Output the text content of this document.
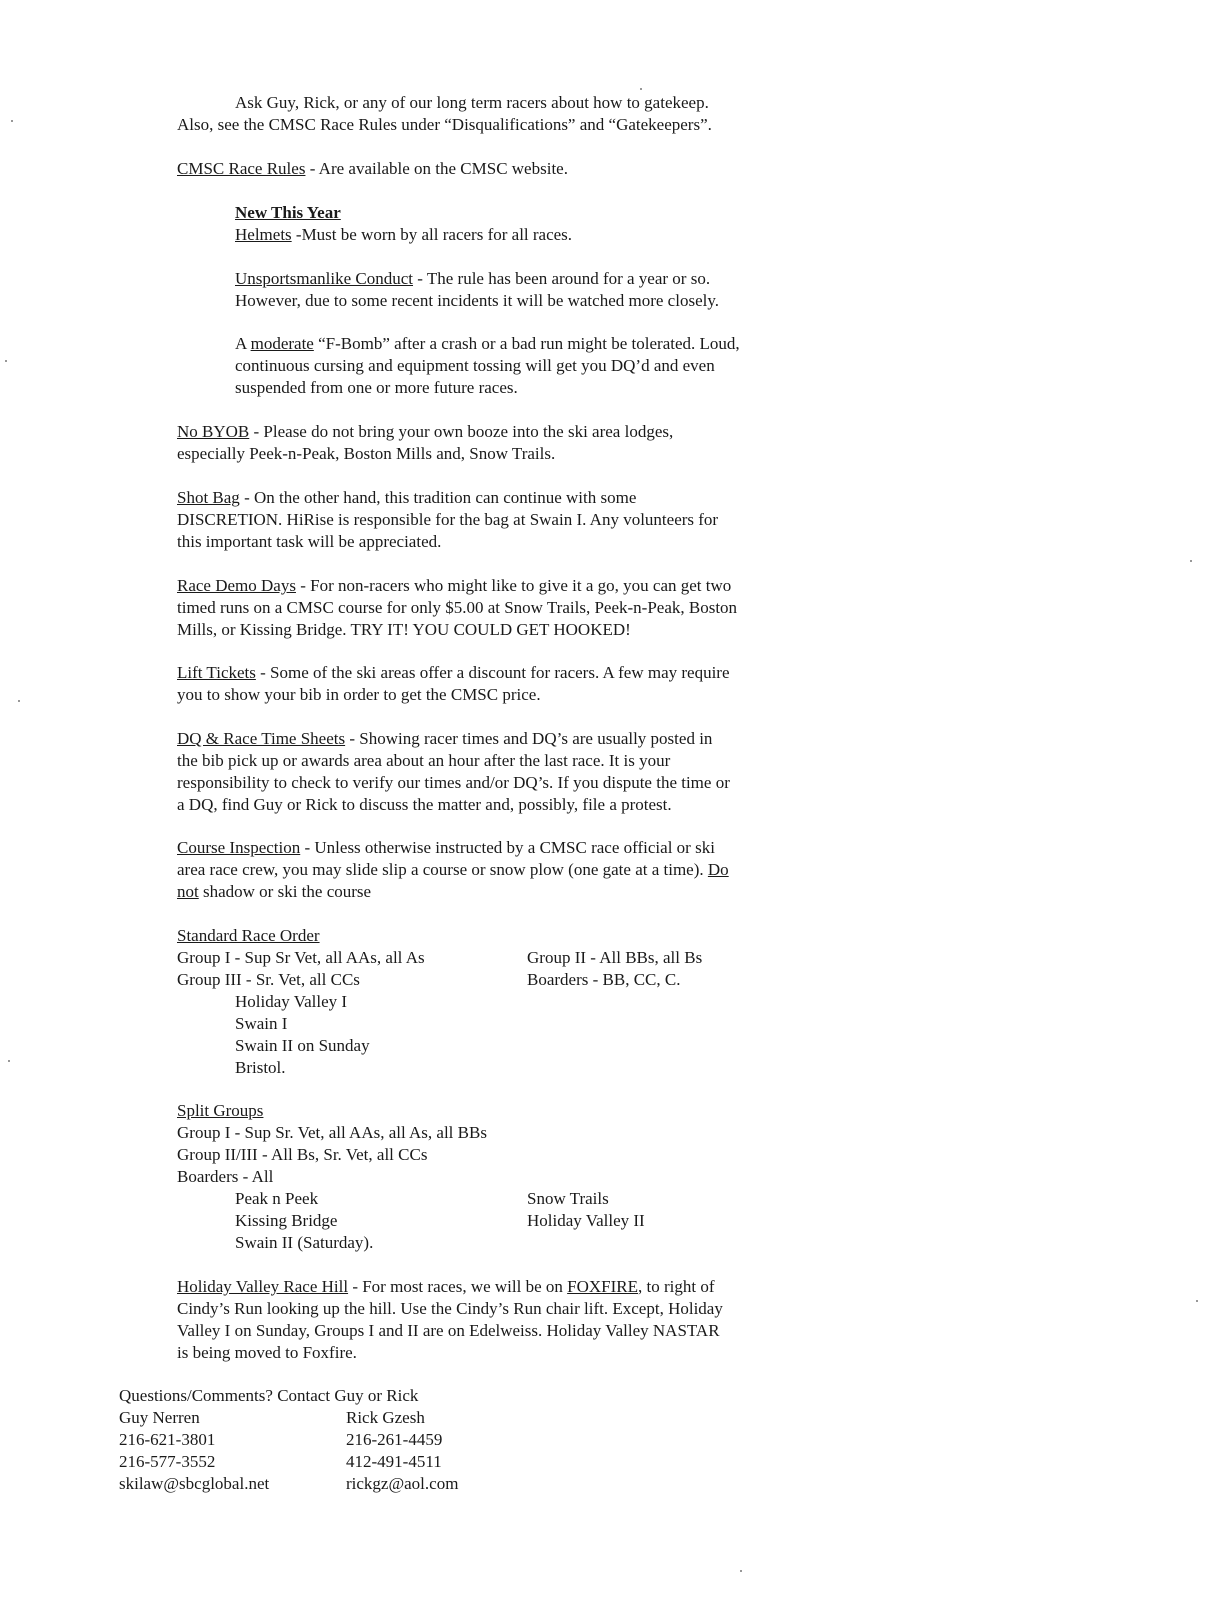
Ask Guy, Rick, or any of our long term racers about how to gatekeep.
Also, see the CMSC Race Rules under “Disqualifications” and “Gatekeepers”.
CMSC Race Rules - Are available on the CMSC website.
New This Year
Helmets -Must be worn by all racers for all races.
Unsportsmanlike Conduct - The rule has been around for a year or so.
However, due to some recent incidents it will be watched more closely.
A moderate “F-Bomb” after a crash or a bad run might be tolerated. Loud,
continuous cursing and equipment tossing will get you DQ’d and even
suspended from one or more future races.
No BYOB - Please do not bring your own booze into the ski area lodges,
especially Peek-n-Peak, Boston Mills and, Snow Trails.
Shot Bag - On the other hand, this tradition can continue with some
DISCRETION. HiRise is responsible for the bag at Swain I. Any volunteers for
this important task will be appreciated.
Race Demo Days - For non-racers who might like to give it a go, you can get two
timed runs on a CMSC course for only $5.00 at Snow Trails, Peek-n-Peak, Boston
Mills, or Kissing Bridge. TRY IT! YOU COULD GET HOOKED!
Lift Tickets - Some of the ski areas offer a discount for racers. A few may require
you to show your bib in order to get the CMSC price.
DQ & Race Time Sheets - Showing racer times and DQ’s are usually posted in
the bib pick up or awards area about an hour after the last race. It is your
responsibility to check to verify our times and/or DQ’s. If you dispute the time or
a DQ, find Guy or Rick to discuss the matter and, possibly, file a protest.
Course Inspection - Unless otherwise instructed by a CMSC race official or ski
area race crew, you may slide slip a course or snow plow (one gate at a time). Do
not shadow or ski the course
Standard Race Order
Group I - Sup Sr Vet, all AAs, all As	Group II - All BBs, all Bs
Group III - Sr. Vet, all CCs	Boarders - BB, CC, C.
Holiday Valley I
Swain I
Swain II on Sunday
Bristol.
Split Groups
Group I - Sup Sr. Vet, all AAs, all As, all BBs
Group II/III - All Bs, Sr. Vet, all CCs
Boarders - All
Peak n Peek	Snow Trails
Kissing Bridge	Holiday Valley II
Swain II (Saturday).
Holiday Valley Race Hill - For most races, we will be on FOXFIRE, to right of
Cindy’s Run looking up the hill. Use the Cindy’s Run chair lift. Except, Holiday
Valley I on Sunday, Groups I and II are on Edelweiss. Holiday Valley NASTAR
is being moved to Foxfire.
Questions/Comments? Contact Guy or Rick
Guy Nerren	Rick Gzesh
216-621-3801	216-261-4459
216-577-3552	412-491-4511
skilaw@sbcglobal.net	rickgz@aol.com
